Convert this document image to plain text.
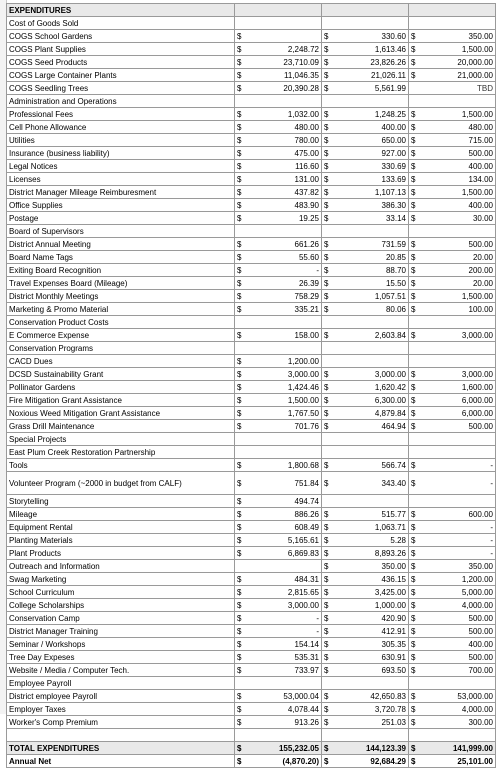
EXPENDITURES			
Cost of Goods Sold			
COGS School Gardens	$	$ 330.60	$ 350.00

COGS Plant Supplies	$ 2,248.72	$ 1,613.46	$ 1,500.00

COGS Seed Products	$ 23,710.09	$ 23,826.26	$ 20,000.00

COGS Large Container Plants	$ 11,046.35	$ 21,026.11	$ 21,000.00

COGS Seedling Trees	$ 20,390.28	$ 5,561.99	TBD

Administration and Operations			
Professional Fees	$ 1,032.00	$ 1,248.25	$ 1,500.00

Cell Phone Allowance	$ 480.00	$ 400.00	$ 480.00

Utilities	$ 780.00	$ 650.00	$ 715.00

Insurance (business liability)	$ 475.00	$ 927.00	$ 500.00

Legal Notices	$ 116.60	$ 330.69	$ 400.00

Licenses	$ 131.00	$ 133.69	$ 134.00

District Manager Mileage Reimburesment	$ 437.82	$ 1,107.13	$ 1,500.00

Office Supplies	$ 483.90	$ 386.30	$ 400.00

Postage	$ 19.25	$ 33.14	$ 30.00

Board of Supervisors			
District Annual Meeting	$ 661.26	$ 731.59	$ 500.00

Board Name Tags	$ 55.60	$ 20.85	$ 20.00

Exiting Board Recognition	$ -	$ 88.70	$ 200.00

Travel Expenses Board (Mileage)	$ 26.39	$ 15.50	$ 20.00

District Monthly Meetings	$ 758.29	$ 1,057.51	$ 1,500.00

Marketing & Promo Material	$ 335.21	$ 80.06	$ 100.00

Conservation Product Costs			
E Commerce Expense	$ 158.00	$ 2,603.84	$ 3,000.00

Conservation Programs			
CACD Dues	$ 1,200.00		

DCSD Sustainability Grant	$ 3,000.00	$ 3,000.00	$ 3,000.00

Pollinator Gardens	$ 1,424.46	$ 1,620.42	$ 1,600.00

Fire Mitigation Grant Assistance	$ 1,500.00	$ 6,300.00	$ 6,000.00

Noxious Weed Mitigation Grant Assistance	$ 1,767.50	$ 4,879.84	$ 6,000.00

Grass Drill Maintenance	$ 701.76	$ 464.94	$ 500.00

Special Projects			
East Plum Creek Restoration Partnership			
Tools	$ 1,800.68	$ 566.74	$ -

Volunteer Program (~2000 in budget from CALF)	$ 751.84	$ 343.40	$ -

Storytelling	$ 494.74		

Mileage	$ 886.26	$ 515.77	$ 600.00

Equipment Rental	$ 608.49	$ 1,063.71	$ -

Planting Materials	$ 5,165.61	$ 5.28	$ -

Plant Products	$ 6,869.83	$ 8,893.26	$ -

Outreach and Information		$ 350.00	$ 350.00

Swag Marketing	$ 484.31	$ 436.15	$ 1,200.00

School Curriculum	$ 2,815.65	$ 3,425.00	$ 5,000.00

College Scholarships	$ 3,000.00	$ 1,000.00	$ 4,000.00

Conservation Camp	$ -	$ 420.90	$ 500.00

District Manager Training	$ -	$ 412.91	$ 500.00

Seminar / Workshops	$ 154.14	$ 305.35	$ 400.00

Tree Day Expeses	$ 535.31	$ 630.91	$ 500.00

Website / Media / Computer Tech.	$ 733.97	$ 693.50	$ 700.00

Employee Payroll			
District employee Payroll	$ 53,000.04	$ 42,650.83	$ 53,000.00

Employer Taxes	$ 4,078.44	$ 3,720.78	$ 4,000.00

Worker's Comp Premium	$ 913.26	$ 251.03	$ 300.00

TOTAL EXPENDITURES	$ 155,232.05	$ 144,123.39	$ 141,999.00

Annual Net	$ (4,870.20)	$ 92,684.29	$ 25,101.00
